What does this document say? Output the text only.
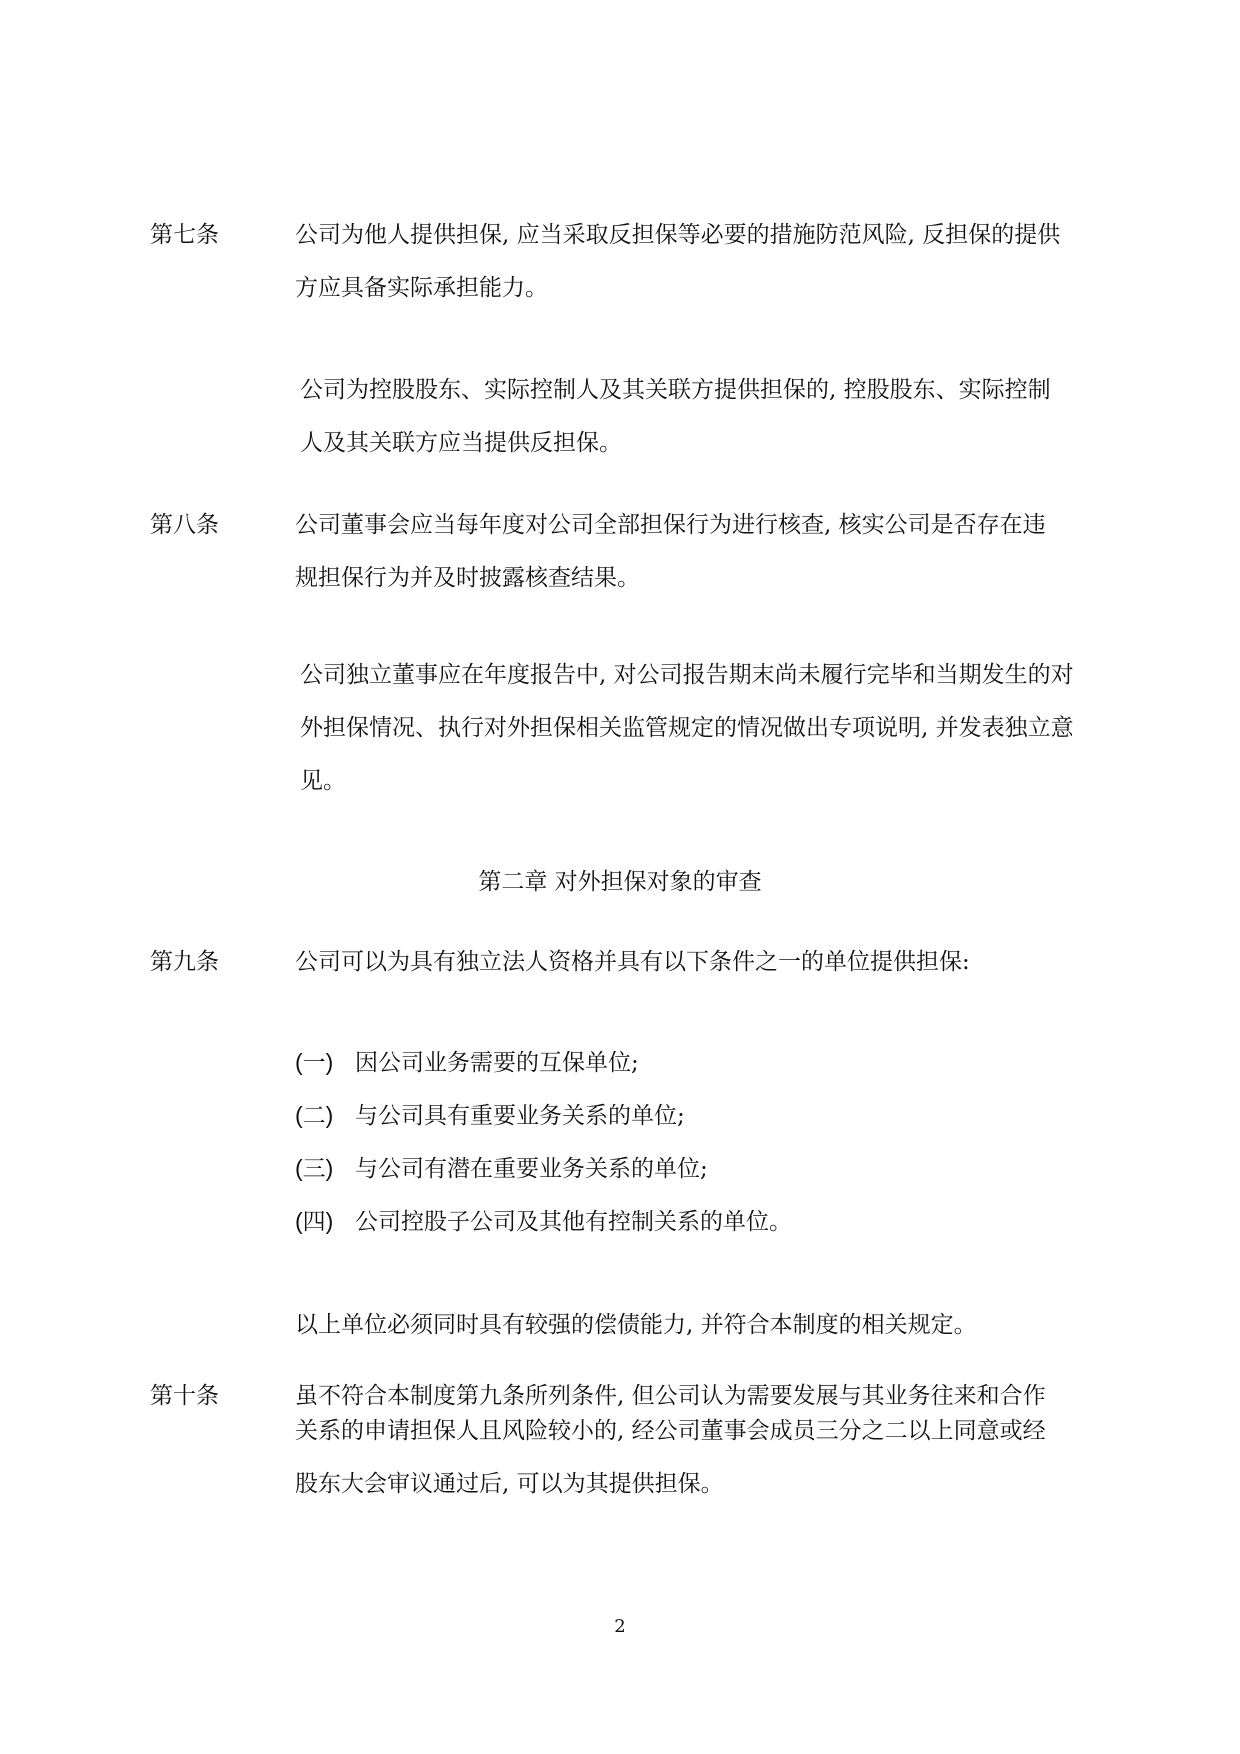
第七条	公司为他人提供担保, 应当采取反担保等必要的措施防范风险, 反担保的提供
方应具备实际承担能力。

公司为控股股东、实际控制人及其关联方提供担保的, 控股股东、实际控制
人及其关联方应当提供反担保。

第八条	公司董事会应当每年度对公司全部担保行为进行核查, 核实公司是否存在违
规担保行为并及时披露核查结果。

公司独立董事应在年度报告中, 对公司报告期末尚未履行完毕和当期发生的对
外担保情况、执行对外担保相关监管规定的情况做出专项说明, 并发表独立意
见。

第二章 对外担保对象的审查
第九条	公司可以为具有独立法人资格并具有以下条件之一的单位提供担保:

(一) 因公司业务需要的互保单位;
(二) 与公司具有重要业务关系的单位;
(三) 与公司有潜在重要业务关系的单位;
(四) 公司控股子公司及其他有控制关系的单位。

以上单位必须同时具有较强的偿债能力, 并符合本制度的相关规定。

第十条	虽不符合本制度第九条所列条件, 但公司认为需要发展与其业务往来和合作
关系的申请担保人且风险较小的, 经公司董事会成员三分之二以上同意或经
股东大会审议通过后, 可以为其提供担保。

2
